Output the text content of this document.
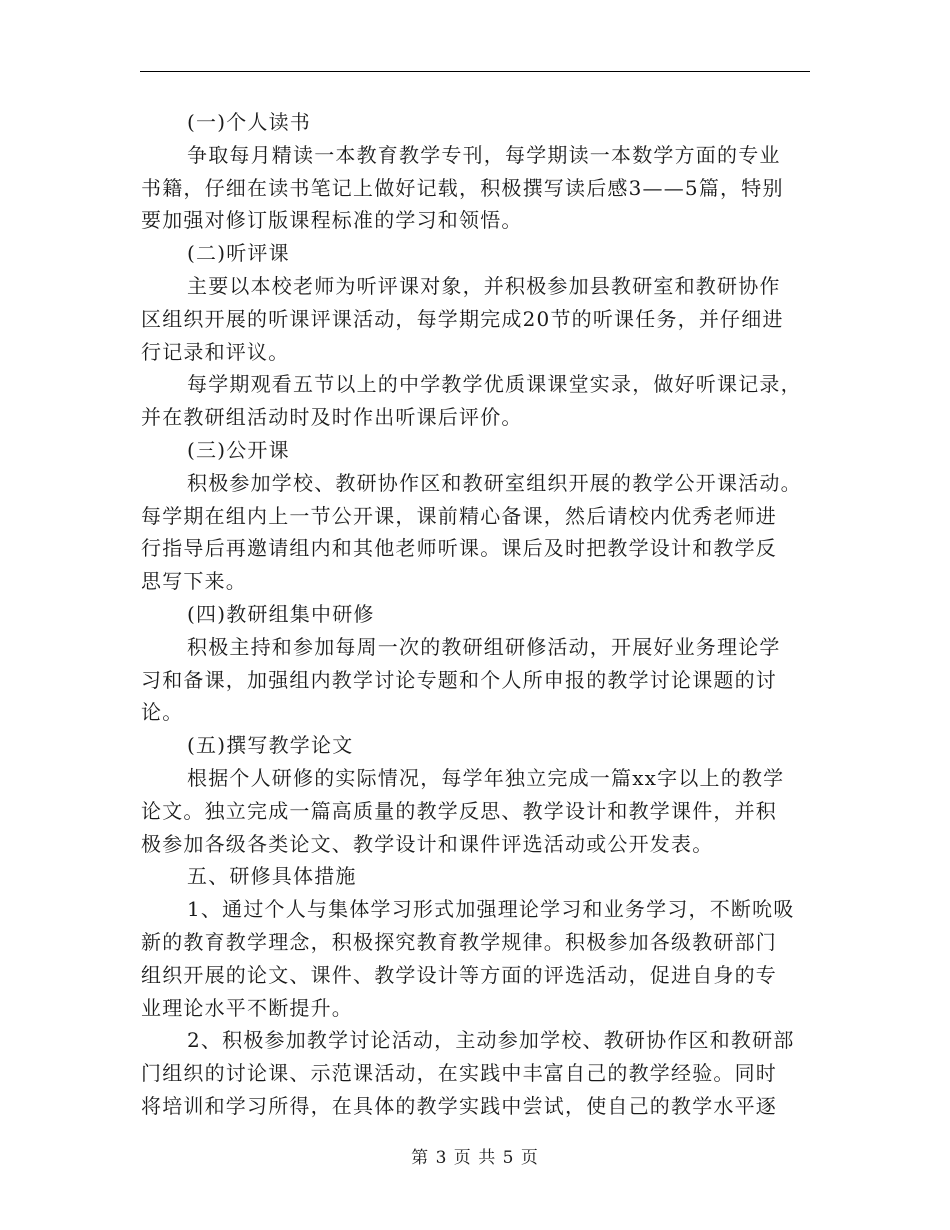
(一)个人读书
争取每月精读一本教育教学专刊，每学期读一本数学方面的专业
书籍，仔细在读书笔记上做好记载，积极撰写读后感3——5篇，特别
要加强对修订版课程标准的学习和领悟。
(二)听评课
主要以本校老师为听评课对象，并积极参加县教研室和教研协作
区组织开展的听课评课活动，每学期完成20节的听课任务，并仔细进
行记录和评议。
每学期观看五节以上的中学教学优质课课堂实录，做好听课记录，
并在教研组活动时及时作出听课后评价。
(三)公开课
积极参加学校、教研协作区和教研室组织开展的教学公开课活动。
每学期在组内上一节公开课，课前精心备课，然后请校内优秀老师进
行指导后再邀请组内和其他老师听课。课后及时把教学设计和教学反
思写下来。
(四)教研组集中研修
积极主持和参加每周一次的教研组研修活动，开展好业务理论学
习和备课，加强组内教学讨论专题和个人所申报的教学讨论课题的讨
论。
(五)撰写教学论文
根据个人研修的实际情况，每学年独立完成一篇xx字以上的教学
论文。独立完成一篇高质量的教学反思、教学设计和教学课件，并积
极参加各级各类论文、教学设计和课件评选活动或公开发表。
五、研修具体措施
1、通过个人与集体学习形式加强理论学习和业务学习，不断吮吸
新的教育教学理念，积极探究教育教学规律。积极参加各级教研部门
组织开展的论文、课件、教学设计等方面的评选活动，促进自身的专
业理论水平不断提升。
2、积极参加教学讨论活动，主动参加学校、教研协作区和教研部
门组织的讨论课、示范课活动，在实践中丰富自己的教学经验。同时
将培训和学习所得，在具体的教学实践中尝试，使自己的教学水平逐
第 3 页 共 5 页
